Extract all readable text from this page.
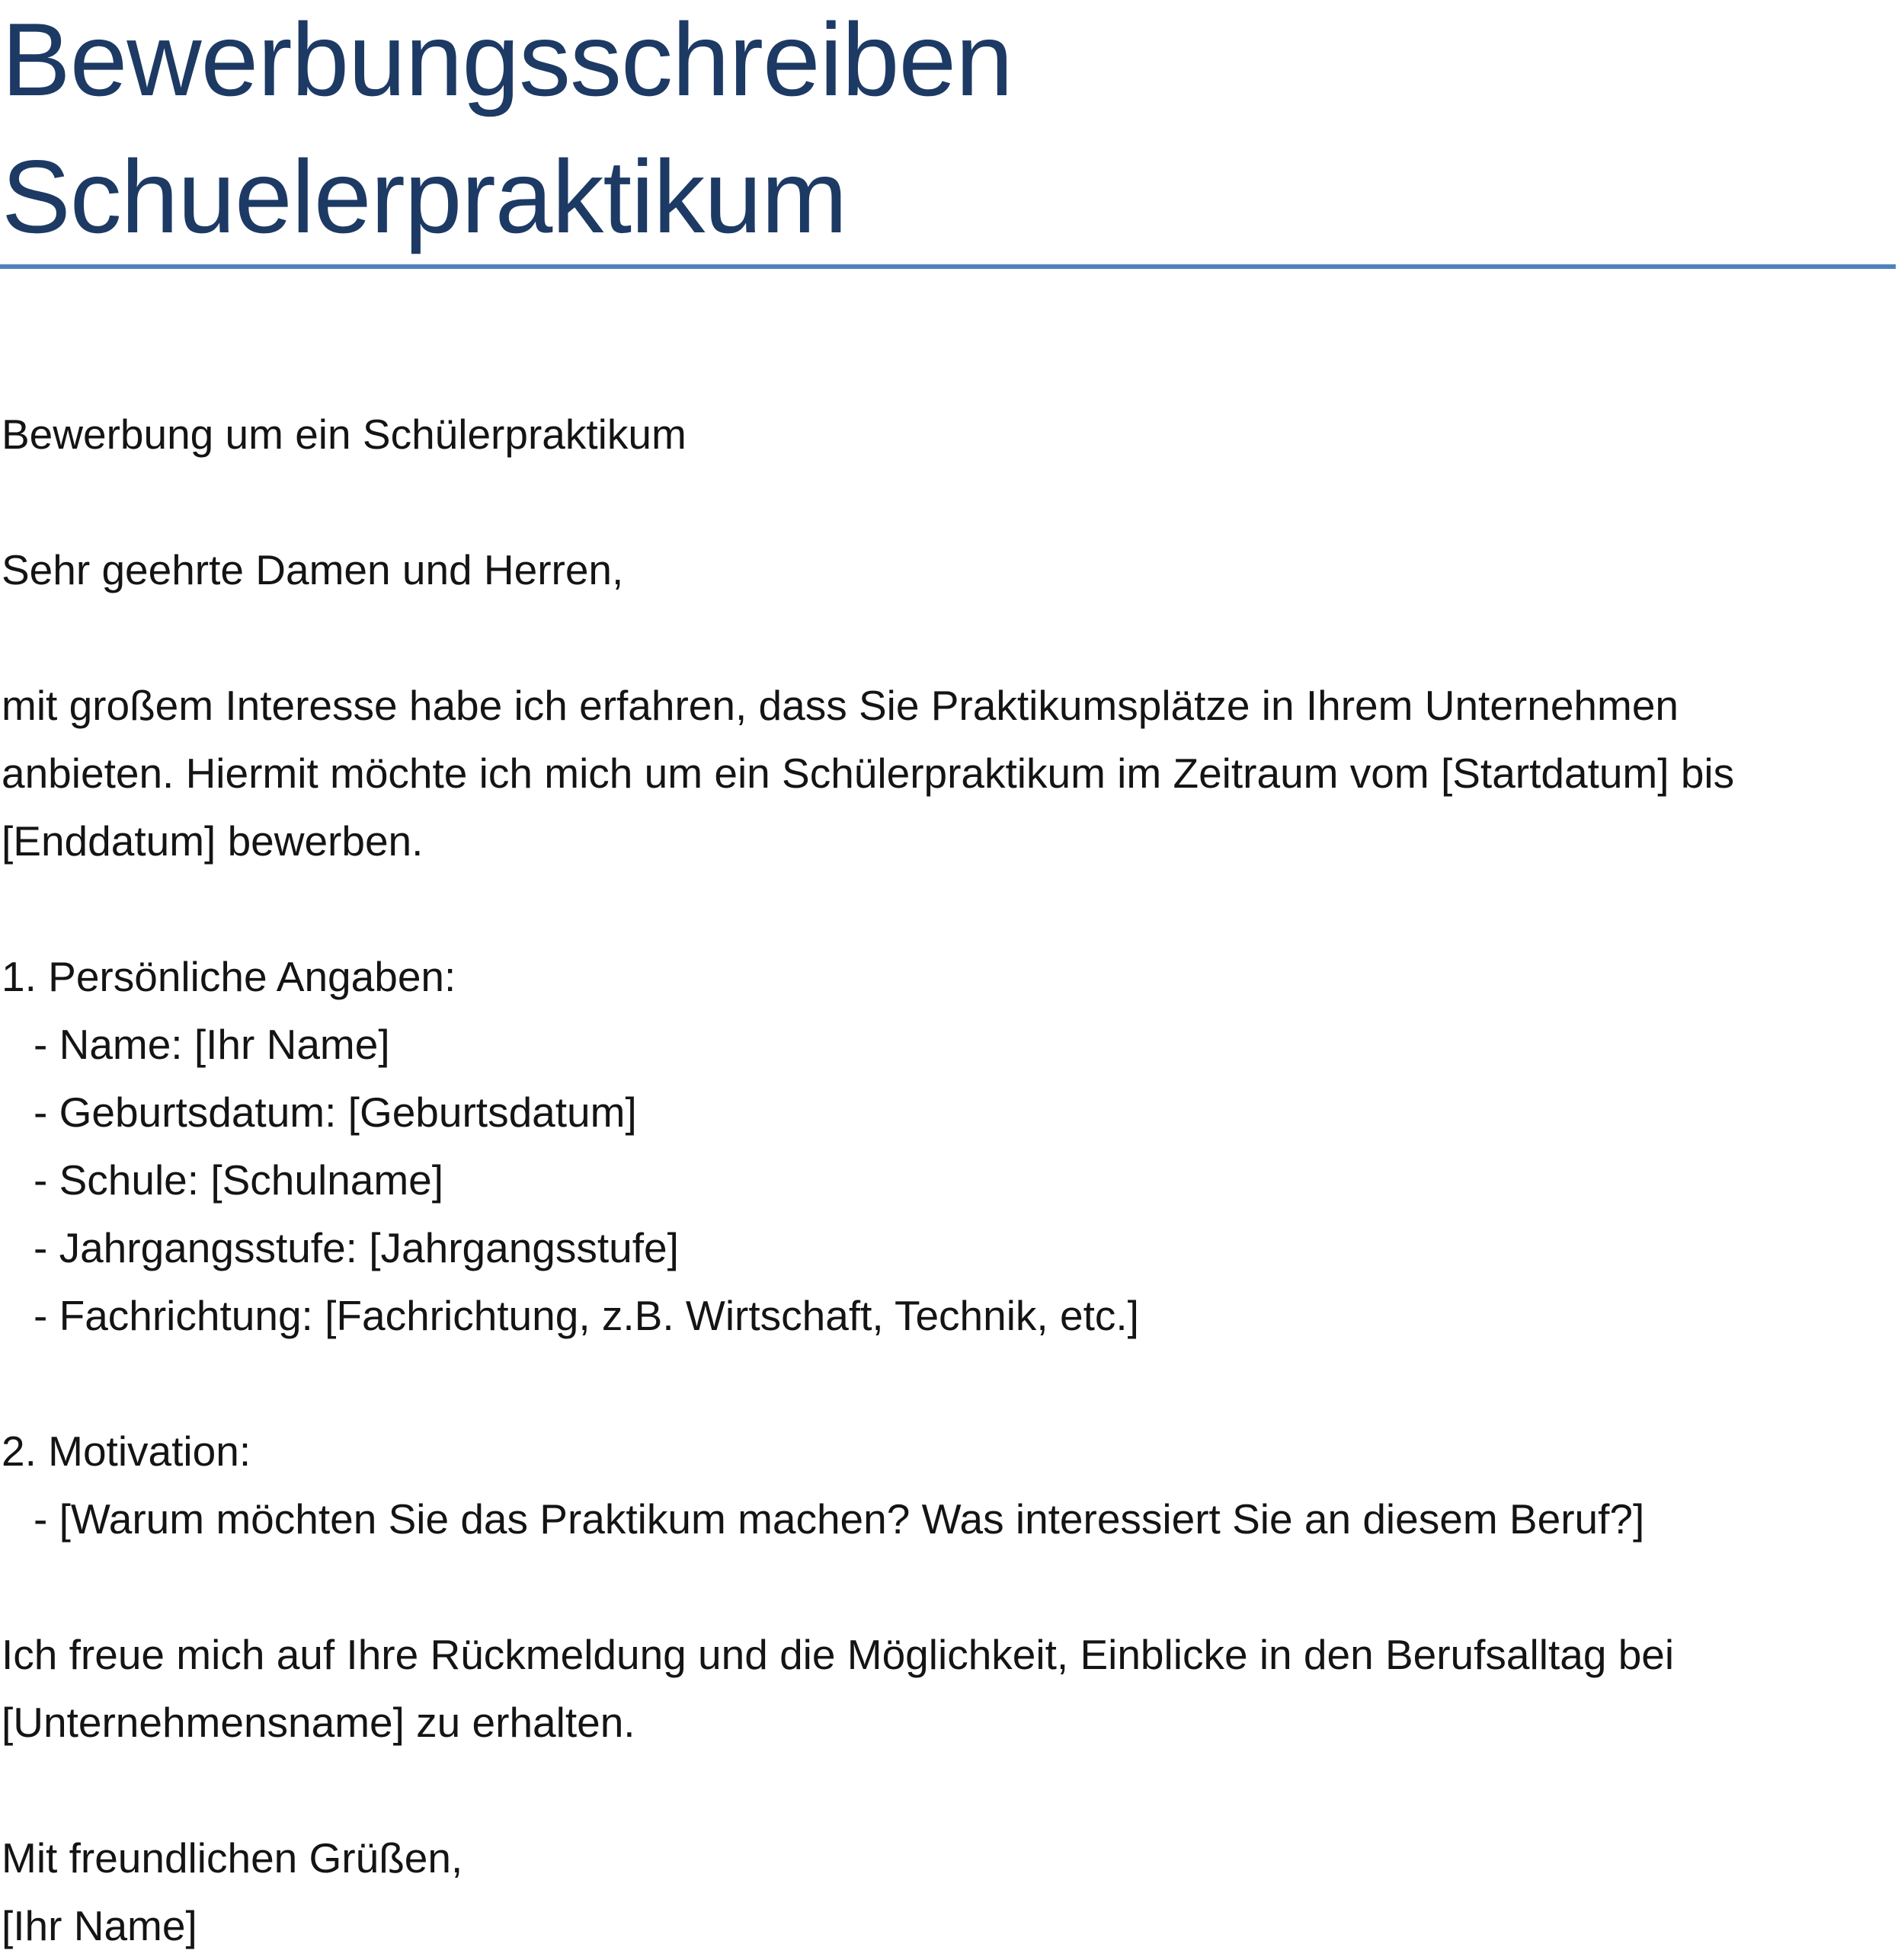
Bewerbungsschreiben
Schuelerpraktikum

Bewerbung um ein Schülerpraktikum

Sehr geehrte Damen und Herren,

mit großem Interesse habe ich erfahren, dass Sie Praktikumsplätze in Ihrem Unternehmen

anbieten. Hiermit möchte ich mich um ein Schülerpraktikum im Zeitraum vom [Startdatum] bis

[Enddatum] bewerben.

1. Persönliche Angaben:

- Name: [Ihr Name]

- Geburtsdatum: [Geburtsdatum]

- Schule: [Schulname]

- Jahrgangsstufe: [Jahrgangsstufe]

- Fachrichtung: [Fachrichtung, z.B. Wirtschaft, Technik, etc.]

2. Motivation:

- [Warum möchten Sie das Praktikum machen? Was interessiert Sie an diesem Beruf?]

Ich freue mich auf Ihre Rückmeldung und die Möglichkeit, Einblicke in den Berufsalltag bei

[Unternehmensname] zu erhalten.

Mit freundlichen Grüßen,

[Ihr Name]
